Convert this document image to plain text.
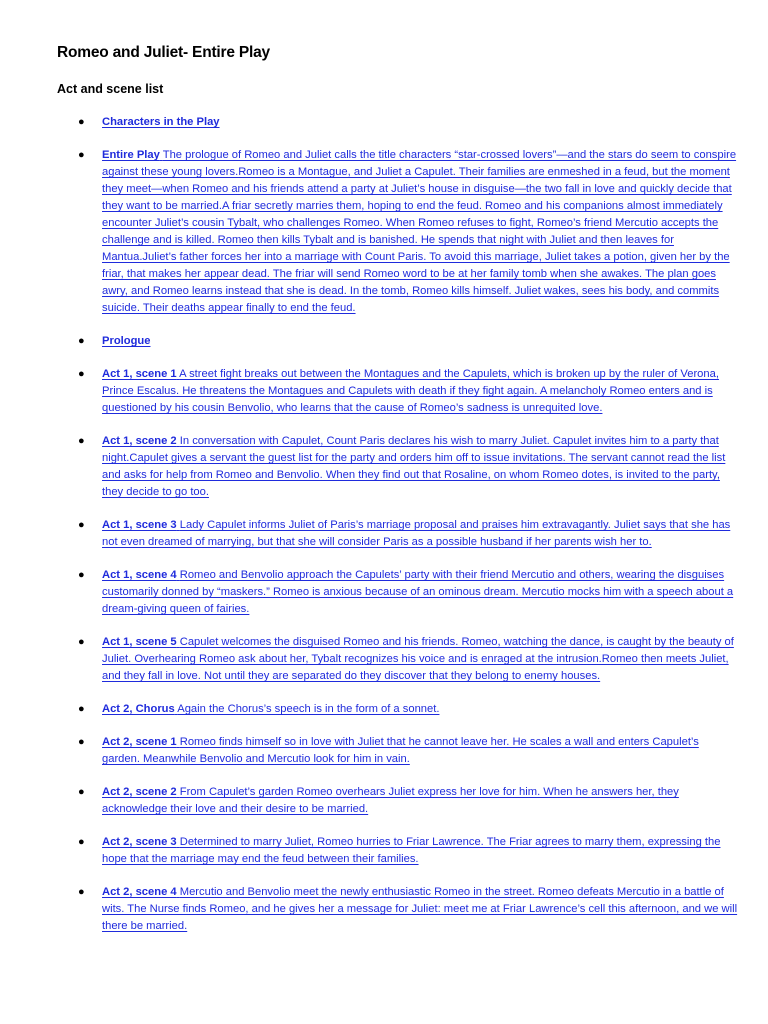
Romeo and Juliet- Entire Play
Act and scene list
● Characters in the Play
● Entire Play The prologue of Romeo and Juliet calls the title characters “star-crossed lovers”—and the stars do seem to conspire against these young lovers.Romeo is a Montague, and Juliet a Capulet. Their families are enmeshed in a feud, but the moment they meet—when Romeo and his friends attend a party at Juliet’s house in disguise—the two fall in love and quickly decide that they want to be married.A friar secretly marries them, hoping to end the feud. Romeo and his companions almost immediately encounter Juliet’s cousin Tybalt, who challenges Romeo. When Romeo refuses to fight, Romeo’s friend Mercutio accepts the challenge and is killed. Romeo then kills Tybalt and is banished. He spends that night with Juliet and then leaves for Mantua.Juliet’s father forces her into a marriage with Count Paris. To avoid this marriage, Juliet takes a potion, given her by the friar, that makes her appear dead. The friar will send Romeo word to be at her family tomb when she awakes. The plan goes awry, and Romeo learns instead that she is dead. In the tomb, Romeo kills himself. Juliet wakes, sees his body, and commits suicide. Their deaths appear finally to end the feud.
● Prologue
● Act 1, scene 1 A street fight breaks out between the Montagues and the Capulets, which is broken up by the ruler of Verona, Prince Escalus. He threatens the Montagues and Capulets with death if they fight again. A melancholy Romeo enters and is questioned by his cousin Benvolio, who learns that the cause of Romeo’s sadness is unrequited love.
● Act 1, scene 2 In conversation with Capulet, Count Paris declares his wish to marry Juliet. Capulet invites him to a party that night.Capulet gives a servant the guest list for the party and orders him off to issue invitations. The servant cannot read the list and asks for help from Romeo and Benvolio. When they find out that Rosaline, on whom Romeo dotes, is invited to the party, they decide to go too.
● Act 1, scene 3 Lady Capulet informs Juliet of Paris’s marriage proposal and praises him extravagantly. Juliet says that she has not even dreamed of marrying, but that she will consider Paris as a possible husband if her parents wish her to.
● Act 1, scene 4 Romeo and Benvolio approach the Capulets’ party with their friend Mercutio and others, wearing the disguises customarily donned by “maskers.” Romeo is anxious because of an ominous dream. Mercutio mocks him with a speech about a dream-giving queen of fairies.
● Act 1, scene 5 Capulet welcomes the disguised Romeo and his friends. Romeo, watching the dance, is caught by the beauty of Juliet. Overhearing Romeo ask about her, Tybalt recognizes his voice and is enraged at the intrusion.Romeo then meets Juliet, and they fall in love. Not until they are separated do they discover that they belong to enemy houses.
● Act 2, Chorus Again the Chorus’s speech is in the form of a sonnet.
● Act 2, scene 1 Romeo finds himself so in love with Juliet that he cannot leave her. He scales a wall and enters Capulet’s garden. Meanwhile Benvolio and Mercutio look for him in vain.
● Act 2, scene 2 From Capulet’s garden Romeo overhears Juliet express her love for him. When he answers her, they acknowledge their love and their desire to be married.
● Act 2, scene 3 Determined to marry Juliet, Romeo hurries to Friar Lawrence. The Friar agrees to marry them, expressing the hope that the marriage may end the feud between their families.
● Act 2, scene 4 Mercutio and Benvolio meet the newly enthusiastic Romeo in the street. Romeo defeats Mercutio in a battle of wits. The Nurse finds Romeo, and he gives her a message for Juliet: meet me at Friar Lawrence’s cell this afternoon, and we will there be married.
